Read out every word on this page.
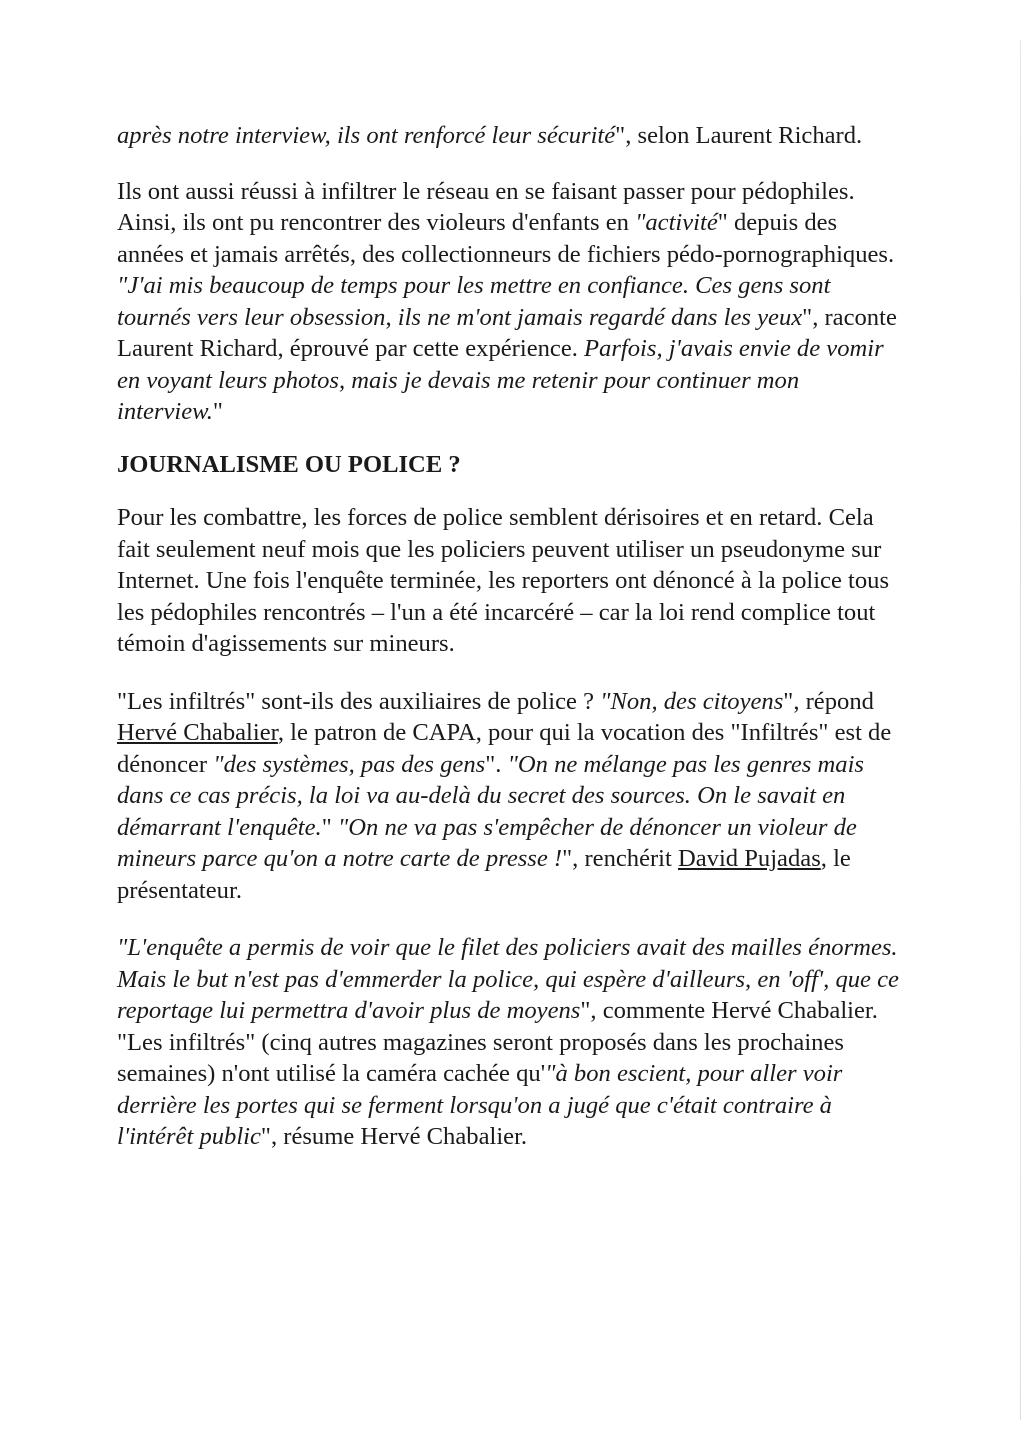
après notre interview, ils ont renforcé leur sécurité", selon Laurent Richard.

Ils ont aussi réussi à infiltrer le réseau en se faisant passer pour pédophiles. Ainsi, ils ont pu rencontrer des violeurs d'enfants en "activité" depuis des années et jamais arrêtés, des collectionneurs de fichiers pédo-pornographiques. "J'ai mis beaucoup de temps pour les mettre en confiance. Ces gens sont tournés vers leur obsession, ils ne m'ont jamais regardé dans les yeux", raconte Laurent Richard, éprouvé par cette expérience. Parfois, j'avais envie de vomir en voyant leurs photos, mais je devais me retenir pour continuer mon interview."

JOURNALISME OU POLICE ?

Pour les combattre, les forces de police semblent dérisoires et en retard. Cela fait seulement neuf mois que les policiers peuvent utiliser un pseudonyme sur Internet. Une fois l'enquête terminée, les reporters ont dénoncé à la police tous les pédophiles rencontrés – l'un a été incarcéré – car la loi rend complice tout témoin d'agissements sur mineurs.

"Les infiltrés" sont-ils des auxiliaires de police ? "Non, des citoyens", répond Hervé Chabalier, le patron de CAPA, pour qui la vocation des "Infiltrés" est de dénoncer "des systèmes, pas des gens". "On ne mélange pas les genres mais dans ce cas précis, la loi va au-delà du secret des sources. On le savait en démarrant l'enquête." "On ne va pas s'empêcher de dénoncer un violeur de mineurs parce qu'on a notre carte de presse !", renchérit David Pujadas, le présentateur.

"L'enquête a permis de voir que le filet des policiers avait des mailles énormes. Mais le but n'est pas d'emmerder la police, qui espère d'ailleurs, en 'off', que ce reportage lui permettra d'avoir plus de moyens", commente Hervé Chabalier. "Les infiltrés" (cinq autres magazines seront proposés dans les prochaines semaines) n'ont utilisé la caméra cachée qu'"à bon escient, pour aller voir derrière les portes qui se ferment lorsqu'on a jugé que c'était contraire à l'intérêt public", résume Hervé Chabalier.
